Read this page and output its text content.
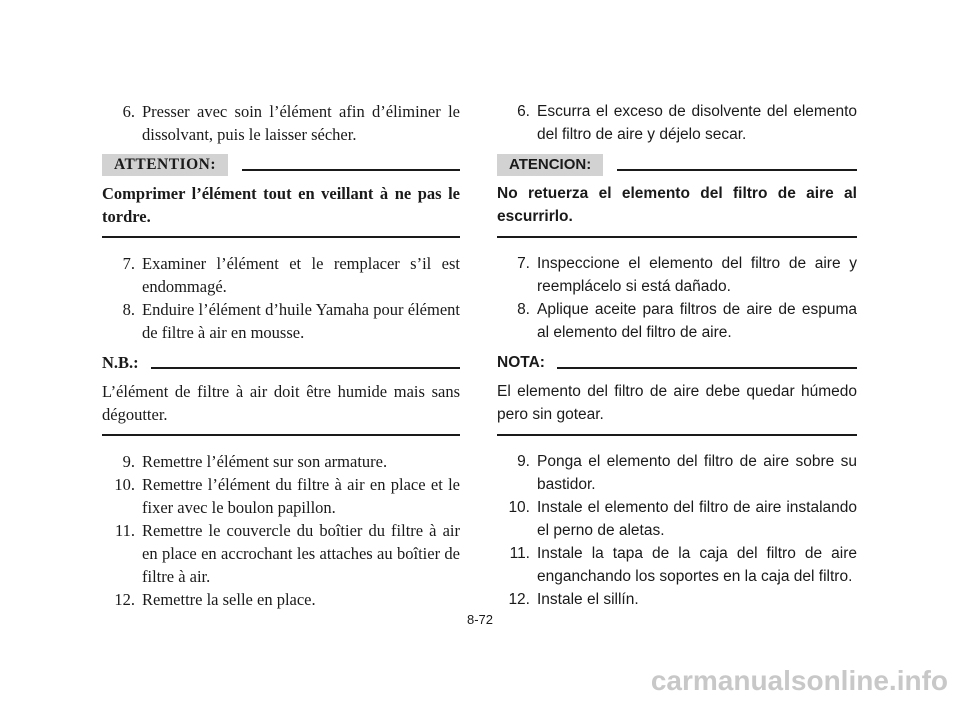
6. Presser avec soin l’élément afin d’éliminer le dissolvant, puis le laisser sécher.
ATTENTION:
Comprimer l’élément tout en veillant à ne pas le tordre.
7. Examiner l’élément et le remplacer s’il est endommagé.
8. Enduire l’élément d’huile Yamaha pour élément de filtre à air en mousse.
N.B.:
L’élément de filtre à air doit être humide mais sans dégoutter.
9. Remettre l’élément sur son armature.
10. Remettre l’élément du filtre à air en place et le fixer avec le boulon papillon.
11. Remettre le couvercle du boîtier du filtre à air en place en accrochant les attaches au boîtier de filtre à air.
12. Remettre la selle en place.
6. Escurra el exceso de disolvente del elemento del filtro de aire y déjelo secar.
ATENCION:
No retuerza el elemento del filtro de aire al escurrirlo.
7. Inspeccione el elemento del filtro de aire y reemplácelo si está dañado.
8. Aplique aceite para filtros de aire de espuma al elemento del filtro de aire.
NOTA:
El elemento del filtro de aire debe quedar húmedo pero sin gotear.
9. Ponga el elemento del filtro de aire sobre su bastidor.
10. Instale el elemento del filtro de aire instalando el perno de aletas.
11. Instale la tapa de la caja del filtro de aire enganchando los soportes en la caja del filtro.
12. Instale el sillín.
8-72
carmanualsonline.info
